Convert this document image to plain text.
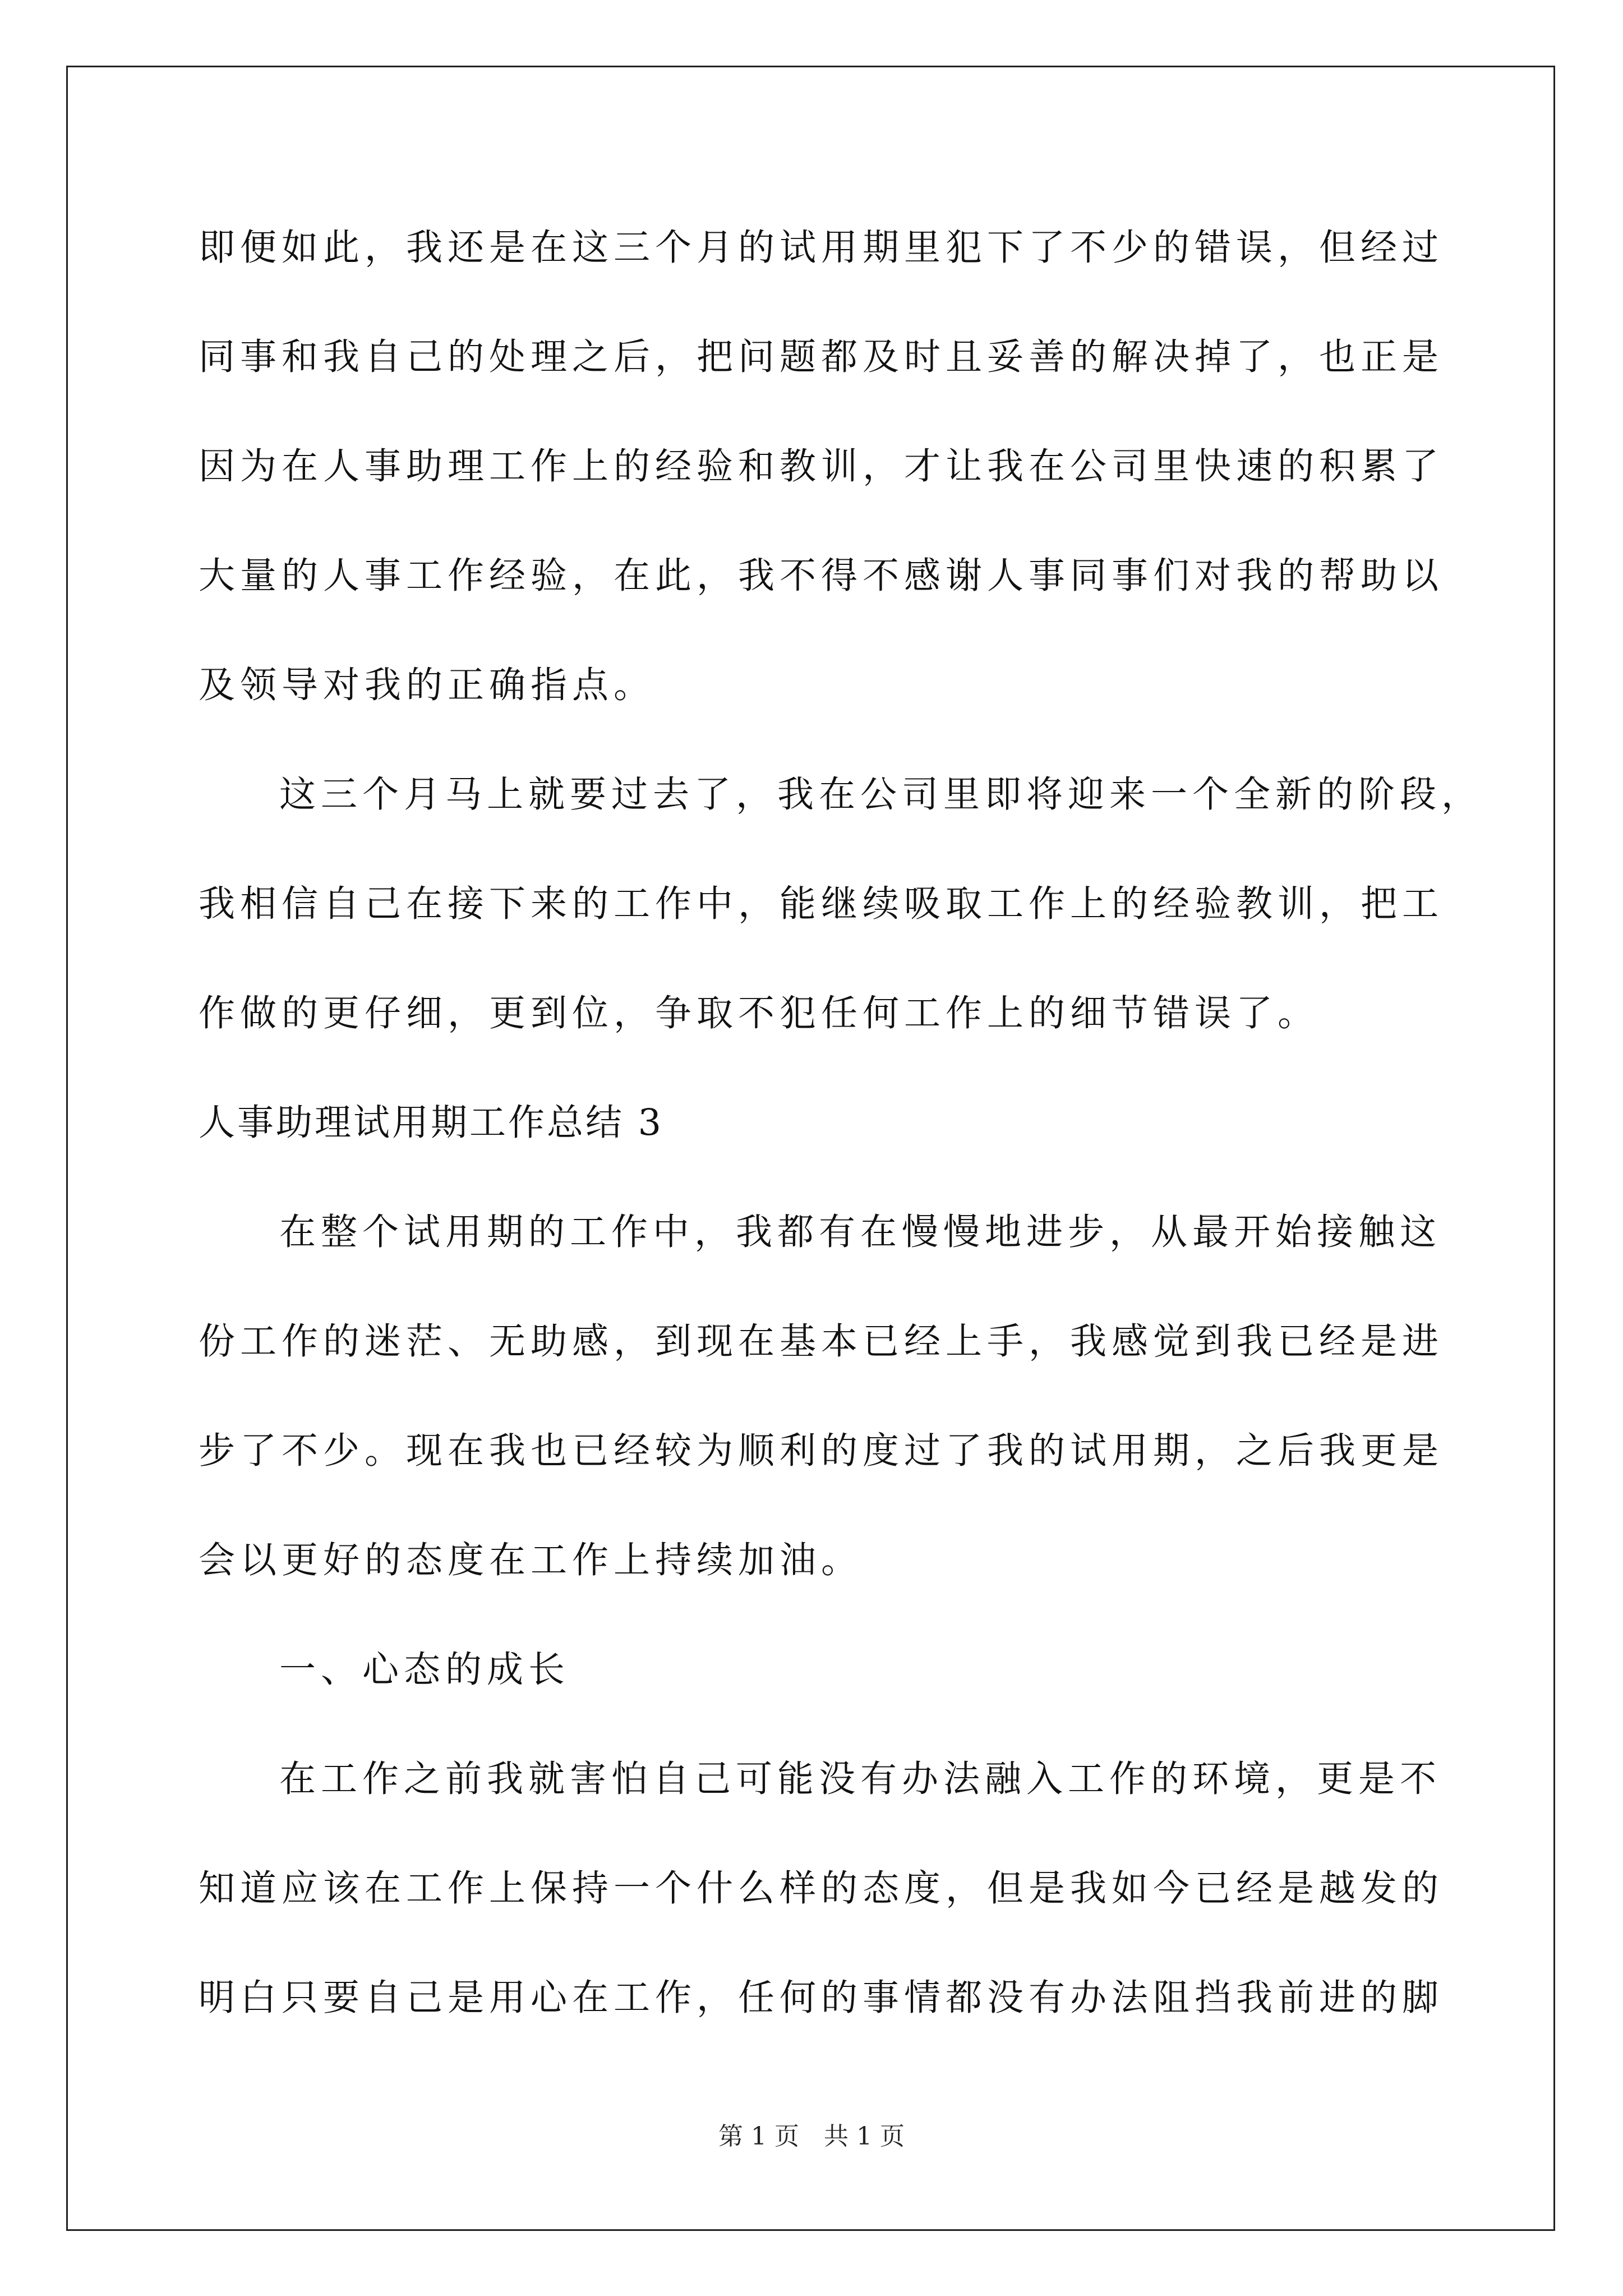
即便如此，我还是在这三个月的试用期里犯下了不少的错误，但经过
同事和我自己的处理之后，把问题都及时且妥善的解决掉了，也正是
因为在人事助理工作上的经验和教训，才让我在公司里快速的积累了
大量的人事工作经验，在此，我不得不感谢人事同事们对我的帮助以
及领导对我的正确指点。
这三个月马上就要过去了，我在公司里即将迎来一个全新的阶段，
我相信自己在接下来的工作中，能继续吸取工作上的经验教训，把工
作做的更仔细，更到位，争取不犯任何工作上的细节错误了。
人事助理试用期工作总结 3
在整个试用期的工作中，我都有在慢慢地进步，从最开始接触这
份工作的迷茫、无助感，到现在基本已经上手，我感觉到我已经是进
步了不少。现在我也已经较为顺利的度过了我的试用期，之后我更是
会以更好的态度在工作上持续加油。
一、心态的成长
在工作之前我就害怕自己可能没有办法融入工作的环境，更是不
知道应该在工作上保持一个什么样的态度，但是我如今已经是越发的
明白只要自己是用心在工作，任何的事情都没有办法阻挡我前进的脚
第 1 页　共 1 页
